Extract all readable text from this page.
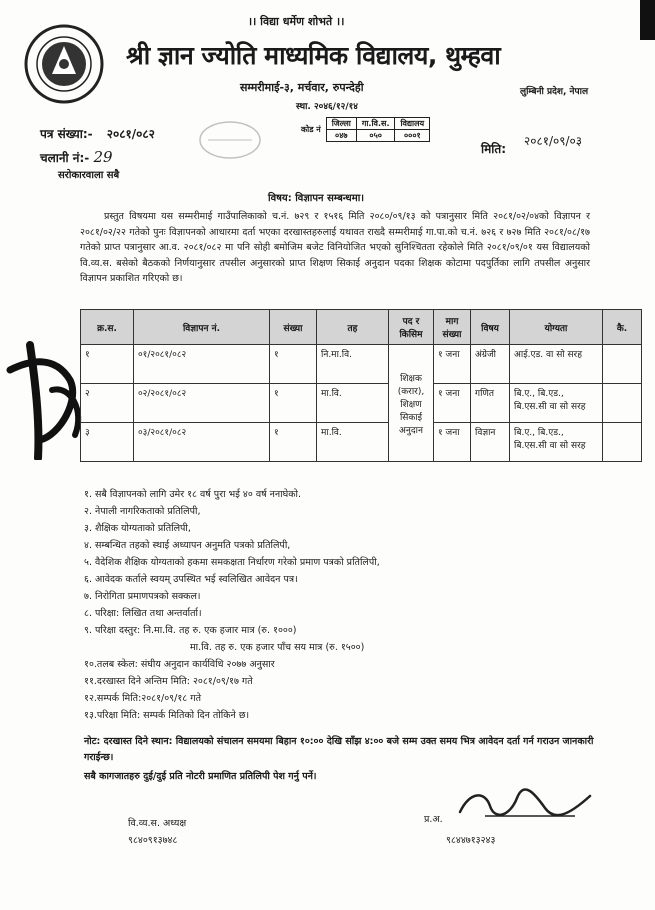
।। विद्या धर्मेण शोभते ।।
श्री ज्ञान ज्योति माध्यमिक विद्यालय, थुम्हवा
सम्मरीमाई-३, मर्चवार, रुपन्देही
स्था. २०४६/१२/१४
लुम्बिनी प्रदेश, नेपाल
कोड नं	जिल्ला	गा.वि.स.	विद्यालय
	०४७	०५०	०००१
पत्र संख्या:- २०८१/०८२
चलानी नं:- 29	मिति:
२०८१/०९/०३
सरोकारवाला सबै
विषय: विज्ञापन सम्बन्धमा।
प्रस्तुत विषयमा यस सम्मरीमाई गाउँपालिकाको च.नं. ७२९ र १५१६ मिति २०८०/०९/१३ को पत्रानुसार मिति २०८१/०२/०४को विज्ञापन र २०८१/०२/२२ गतेको पुनः विज्ञापनको आधारमा दर्ता भएका दरखास्तहरुलाई यथावत राख्दै सम्मरीमाई गा.पा.को च.नं. ७२६ र ७२७ मिति २०८१/०८/१७ गतेको प्राप्त पत्रानुसार आ.व. २०८१/०८२ मा पनि सोही बमोजिम बजेट विनियोजित भएको सुनिश्चितता रहेकोले मिति २०८१/०९/०१ यस विद्यालयको वि.व्य.स. बसेको बैठकको निर्णयानुसार तपसील अनुसारको प्राप्त शिक्षण सिकाई अनुदान पदका शिक्षक कोटामा पदपुर्तिका लागि तपसील अनुसार विज्ञापन प्रकाशित गरिएको छ।
क्र.स.	विज्ञापन नं.	संख्या	तह	पद र किसिम	माग संख्या	विषय	योग्यता	कै.
१	०१/२०८१/०८२	१	नि.मा.वि.	शिक्षक (करार), शिक्षण सिकाई अनुदान	१ जना	अंग्रेजी	आई.एड. वा सो सरह	
२	०२/२०८१/०८२	१	मा.वि.		१ जना	गणित	बि.ए., बि.एड., बि.एस.सी वा सो सरह	
३	०३/२०८१/०८२	१	मा.वि.		१ जना	विज्ञान	बि.ए., बि.एड., बि.एस.सी वा सो सरह	
१. सबै विज्ञापनको लागि उमेर १८ वर्ष पुरा भई ४० वर्ष ननाघेको.
२. नेपाली नागरिकताको प्रतिलिपी,
३. शैक्षिक योग्यताको प्रतिलिपी,
४. सम्बन्धित तहको स्थाई अध्यापन अनुमति पत्रको प्रतिलिपी,
५. वैदेशिक शैक्षिक योग्यताको हकमा समकक्षता निर्धारण गरेको प्रमाण पत्रको प्रतिलिपी,
६. आवेदक कर्ताले स्वयम् उपस्थित भई स्वलिखित आवेदन पत्र।
७. निरोगिता प्रमाणपत्रको सक्कल।
८. परिक्षा: लिखित तथा अन्तर्वार्ता।
९. परिक्षा दस्तुर: नि.मा.वि. तह रु. एक हजार मात्र (रु. १०००)
मा.वि. तह रु. एक हजार पाँच सय मात्र (रु. १५००)
१०.तलब स्केल: संघीय अनुदान कार्यविधि २०७७ अनुसार
११.दरखास्त दिने अन्तिम मिति: २०८१/०९/१७ गते
१२.सम्पर्क मिति:२०८१/०९/१८ गते
१३.परिक्षा मिति: सम्पर्क मितिको दिन तोकिने छ।
नोट: दरखास्त दिने स्थान: विद्यालयको संचालन समयमा बिहान १०:०० देखि साँझ ४:०० बजे सम्म उक्त समय भित्र आवेदन दर्ता गर्न गराउन जानकारी गराईन्छ।
सबै कागजातहरु दुई/दुई प्रति नोटरी प्रमाणित प्रतिलिपी पेश गर्नु पर्ने।
वि.व्य.स. अध्यक्ष
९८४०९१३७४८
प्र.अ.
९८४४७१३२४३
